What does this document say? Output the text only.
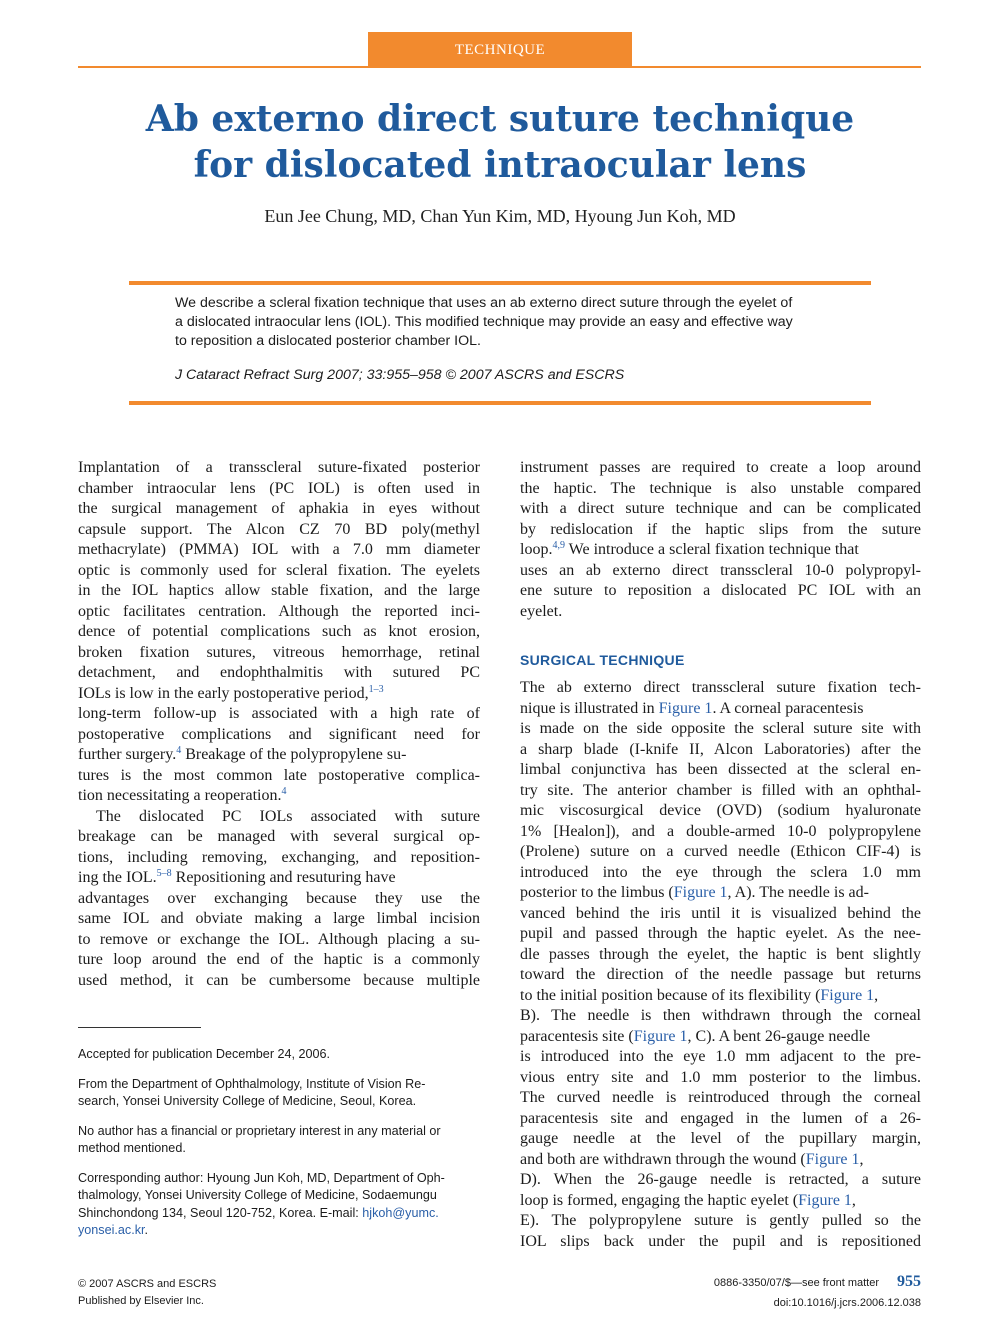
TECHNIQUE
Ab externo direct suture technique
for dislocated intraocular lens
Eun Jee Chung, MD, Chan Yun Kim, MD, Hyoung Jun Koh, MD
We describe a scleral fixation technique that uses an ab externo direct suture through the eyelet of
a dislocated intraocular lens (IOL). This modified technique may provide an easy and effective way
to reposition a dislocated posterior chamber IOL.
J Cataract Refract Surg 2007; 33:955–958 © 2007 ASCRS and ESCRS
Implantation of a transscleral suture-fixated posterior
chamber intraocular lens (PC IOL) is often used in
the surgical management of aphakia in eyes without
capsule support. The Alcon CZ 70 BD poly(methyl
methacrylate) (PMMA) IOL with a 7.0 mm diameter
optic is commonly used for scleral fixation. The eyelets
in the IOL haptics allow stable fixation, and the large
optic facilitates centration. Although the reported inci-
dence of potential complications such as knot erosion,
broken fixation sutures, vitreous hemorrhage, retinal
detachment, and endophthalmitis with sutured PC
IOLs is low in the early postoperative period,$^{1-3}$
long-term follow-up is associated with a high rate of
postoperative complications and significant need for
further surgery.$^4$ Breakage of the polypropylene su-
tures is the most common late postoperative complica-
tion necessitating a reoperation.$^4$
The dislocated PC IOLs associated with suture
breakage can be managed with several surgical op-
tions, including removing, exchanging, and reposition-
ing the IOL.$^{5-8}$ Repositioning and resuturing have
advantages over exchanging because they use the
same IOL and obviate making a large limbal incision
to remove or exchange the IOL. Although placing a su-
ture loop around the end of the haptic is a commonly
used method, it can be cumbersome because multiple
Accepted for publication December 24, 2006.
From the Department of Ophthalmology, Institute of Vision Re-
search, Yonsei University College of Medicine, Seoul, Korea.
No author has a financial or proprietary interest in any material or
method mentioned.
Corresponding author: Hyoung Jun Koh, MD, Department of Oph-
thalmology, Yonsei University College of Medicine, Sodaemungu
Shinchondong 134, Seoul 120-752, Korea. E-mail: hjkoh@yumc.
yonsei.ac.kr.
instrument passes are required to create a loop around
the haptic. The technique is also unstable compared
with a direct suture technique and can be complicated
by redislocation if the haptic slips from the suture
loop.$^{4,9}$ We introduce a scleral fixation technique that
uses an ab externo direct transscleral 10-0 polypropyl-
ene suture to reposition a dislocated PC IOL with an
eyelet.
SURGICAL TECHNIQUE
The ab externo direct transscleral suture fixation tech-
nique is illustrated in Figure 1. A corneal paracentesis
is made on the side opposite the scleral suture site with
a sharp blade (I-knife II, Alcon Laboratories) after the
limbal conjunctiva has been dissected at the scleral en-
try site. The anterior chamber is filled with an ophthal-
mic viscosurgical device (OVD) (sodium hyaluronate
1% [Healon]), and a double-armed 10-0 polypropylene
(Prolene) suture on a curved needle (Ethicon CIF-4) is
introduced into the eye through the sclera 1.0 mm
posterior to the limbus (Figure 1, A). The needle is ad-
vanced behind the iris until it is visualized behind the
pupil and passed through the haptic eyelet. As the nee-
dle passes through the eyelet, the haptic is bent slightly
toward the direction of the needle passage but returns
to the initial position because of its flexibility (Figure 1,
B). The needle is then withdrawn through the corneal
paracentesis site (Figure 1, C). A bent 26-gauge needle
is introduced into the eye 1.0 mm adjacent to the pre-
vious entry site and 1.0 mm posterior to the limbus.
The curved needle is reintroduced through the corneal
paracentesis site and engaged in the lumen of a 26-
gauge needle at the level of the pupillary margin,
and both are withdrawn through the wound (Figure 1,
D). When the 26-gauge needle is retracted, a suture
loop is formed, engaging the haptic eyelet (Figure 1,
E). The polypropylene suture is gently pulled so the
IOL slips back under the pupil and is repositioned
© 2007 ASCRS and ESCRS
Published by Elsevier Inc.
0886-3350/07/$—see front matter 955
doi:10.1016/j.jcrs.2006.12.038
